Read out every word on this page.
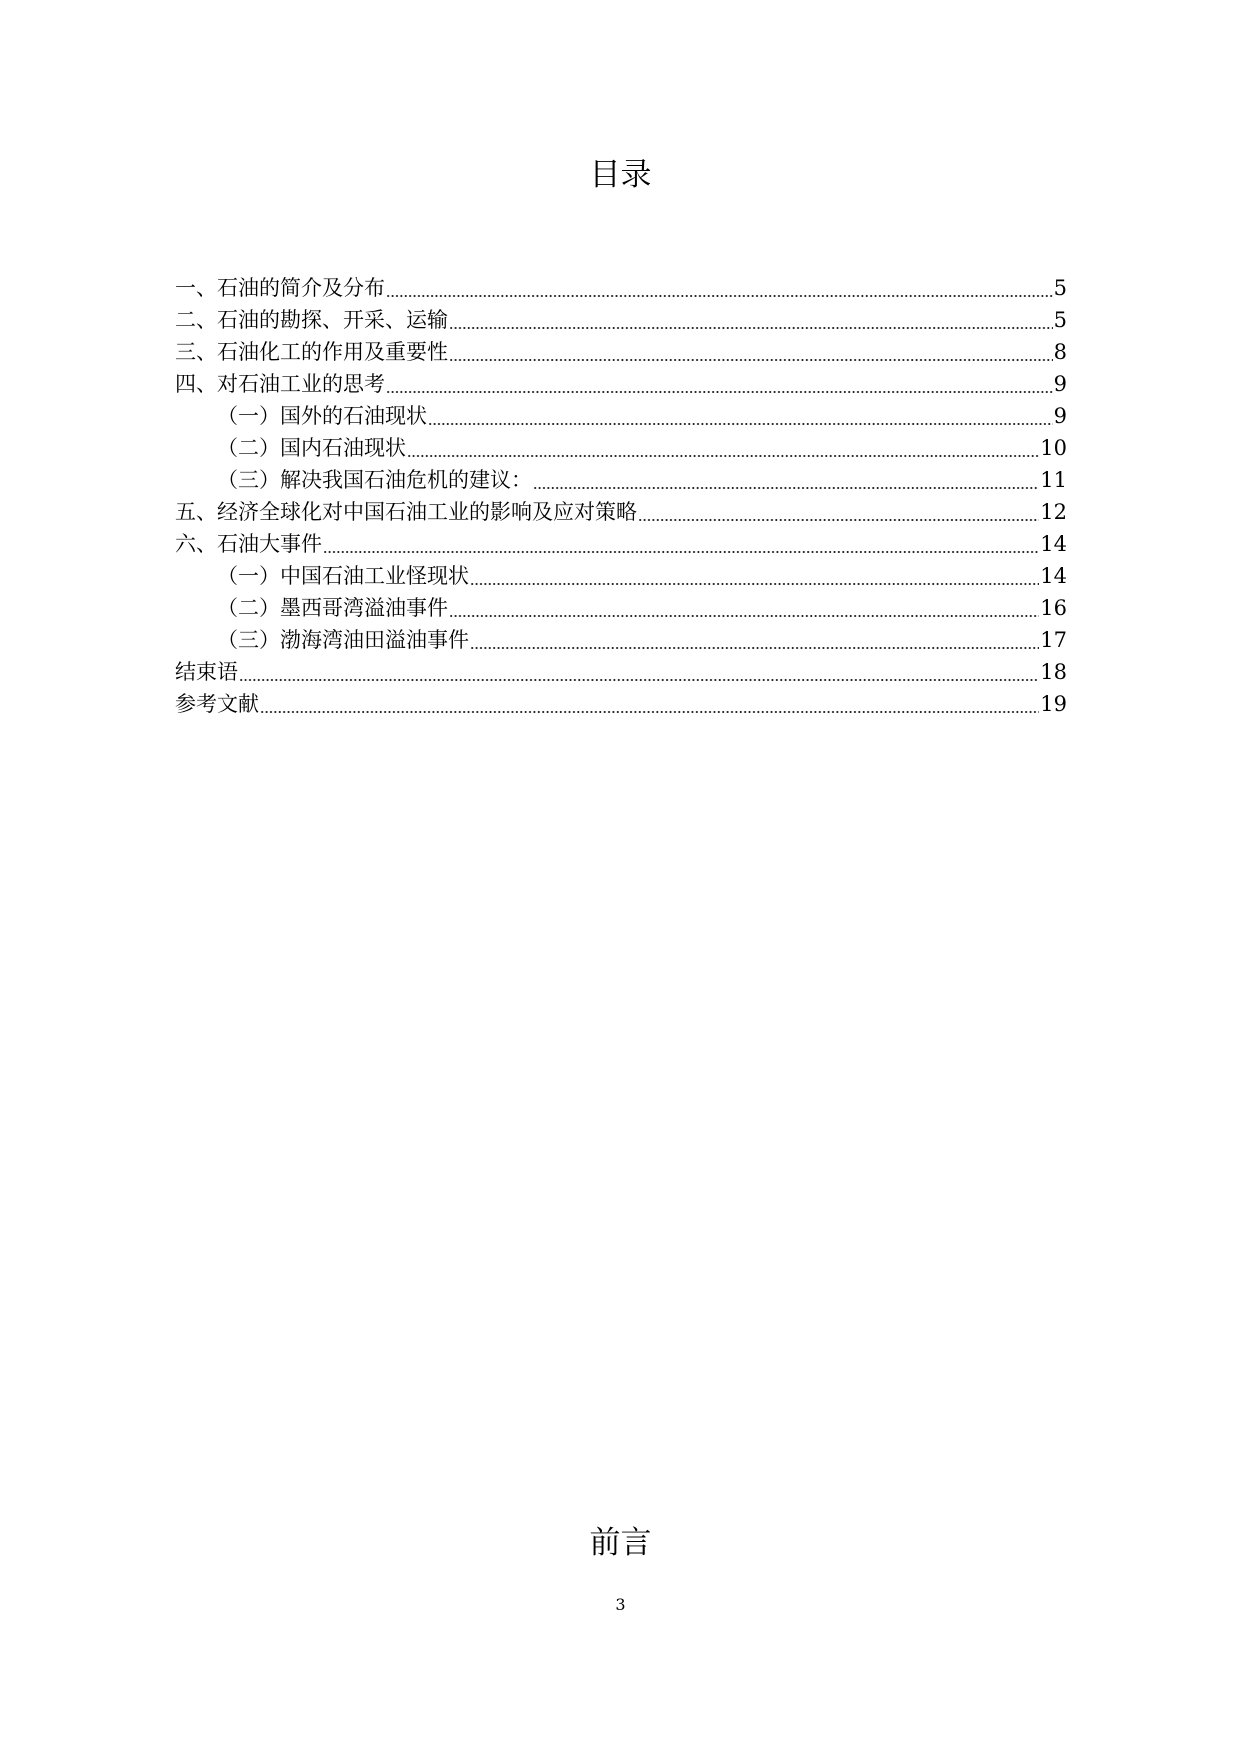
目录
一、石油的简介及分布	5
二、石油的勘探、开采、运输	5
三、石油化工的作用及重要性	8
四、对石油工业的思考	9
（一）国外的石油现状	9
（二）国内石油现状	10
（三）解决我国石油危机的建议：	11
五、经济全球化对中国石油工业的影响及应对策略	12
六、石油大事件	14
（一）中国石油工业怪现状	14
（二）墨西哥湾溢油事件	16
（三）渤海湾油田溢油事件	17
结束语	18
参考文献	19
前言
3
